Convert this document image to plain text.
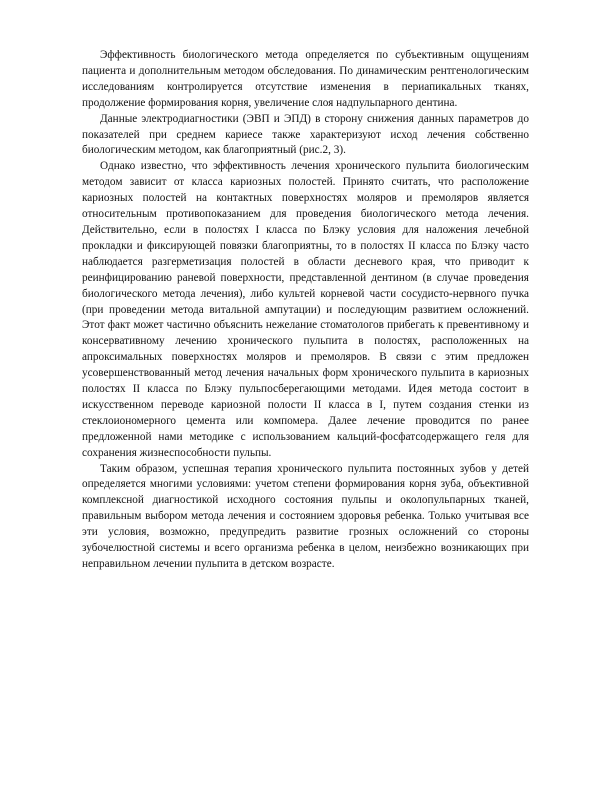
Эффективность биологического метода определяется по субъективным ощущениям пациента и дополнительным методом обследования. По динамическим рентгенологическим исследованиям контролируется отсутствие изменения в периапикальных тканях, продолжение формирования корня, увеличение слоя надпульпарного дентина.

Данные электродиагностики (ЭВП и ЭПД) в сторону снижения данных параметров до показателей при среднем кариесе также характеризуют исход лечения собственно биологическим методом, как благоприятный (рис.2, 3).

Однако известно, что эффективность лечения хронического пульпита биологическим методом зависит от класса кариозных полостей. Принято считать, что расположение кариозных полостей на контактных поверхностях моляров и премоляров является относительным противопоказанием для проведения биологического метода лечения. Действительно, если в полостях I класса по Блэку условия для наложения лечебной прокладки и фиксирующей повязки благоприятны, то в полостях II класса по Блэку часто наблюдается разгерметизация полостей в области десневого края, что приводит к реинфицированию раневой поверхности, представленной дентином (в случае проведения биологического метода лечения), либо культей корневой части сосудисто-нервного пучка (при проведении метода витальной ампутации) и последующим развитием осложнений. Этот факт может частично объяснить нежелание стоматологов прибегать к превентивному и консервативному лечению хронического пульпита в полостях, расположенных на апроксимальных поверхностях моляров и премоляров. В связи с этим предложен усовершенствованный метод лечения начальных форм хронического пульпита в кариозных полостях II класса по Блэку пульпосберегающими методами. Идея метода состоит в искусственном переводе кариозной полости II класса в I, путем создания стенки из стеклоиономерного цемента или компомера. Далее лечение проводится по ранее предложенной нами методике с использованием кальций-фосфатсодержащего геля для сохранения жизнеспособности пульпы.

Таким образом, успешная терапия хронического пульпита постоянных зубов у детей определяется многими условиями: учетом степени формирования корня зуба, объективной комплексной диагностикой исходного состояния пульпы и околопульпарных тканей, правильным выбором метода лечения и состоянием здоровья ребенка. Только учитывая все эти условия, возможно, предупредить развитие грозных осложнений со стороны зубочелюстной системы и всего организма ребенка в целом, неизбежно возникающих при неправильном лечении пульпита в детском возрасте.
